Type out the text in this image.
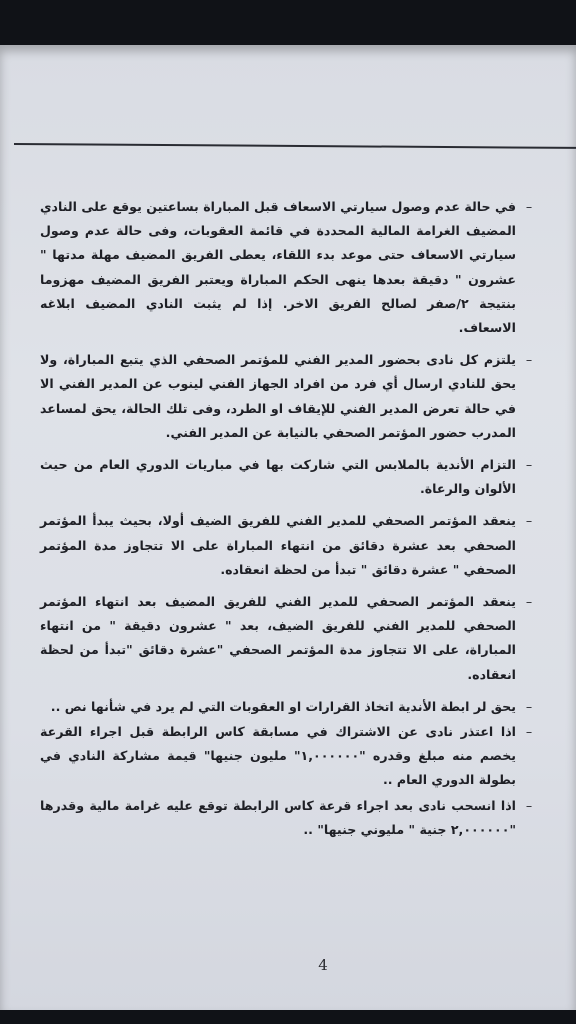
–
في حالة عدم وصول سيارتي الاسعاف قبل المباراة بساعتين يوقع على النادي المضيف الغرامة المالية المحددة في قائمة العقوبات، وفى حالة عدم وصول سيارتي الاسعاف حتى موعد بدء اللقاء، يعطى الفريق المضيف مهلة مدتها " عشرون " دقيقة بعدها ينهى الحكم المباراة ويعتبر الفريق المضيف مهزوما بنتيجة ٢/صفر لصالح الفريق الاخر. إذا لم يثبت النادي المضيف ابلاغه الاسعاف.
–
يلتزم كل نادى بحضور المدير الفني للمؤتمر الصحفي الذي يتبع المباراة، ولا يحق للنادي ارسال أي فرد من افراد الجهاز الفني لينوب عن المدير الفني الا في حالة تعرض المدير الفني للإيقاف او الطرد، وفى تلك الحالة، يحق لمساعد المدرب حضور المؤتمر الصحفي بالنيابة عن المدير الفني.
–
التزام الأندية بالملابس التي شاركت بها في مباريات الدوري العام من حيث الألوان والرعاة.
–
ينعقد المؤتمر الصحفي للمدير الفني للفريق الضيف أولا، بحيث يبدأ المؤتمر الصحفي بعد عشرة دقائق من انتهاء المباراة على الا تتجاوز مدة المؤتمر الصحفي " عشرة دقائق " تبدأ من لحظة انعقاده.
–
ينعقد المؤتمر الصحفي للمدير الفني للفريق المضيف بعد انتهاء المؤتمر الصحفي للمدير الفني للفريق الضيف، بعد " عشرون دقيقة " من انتهاء المباراة، على الا تتجاوز مدة المؤتمر الصحفي "عشرة دقائق "تبدأ من لحظة انعقاده.
–
يحق لر ابطة الأندية اتخاذ القرارات او العقوبات التي لم يرد في شأنها نص ..
–
اذا اعتذر نادى عن الاشتراك في مسابقة كاس الرابطة قبل اجراء القرعة يخصم منه مبلغ وقدره "١,٠٠٠٠٠٠" مليون جنيها" قيمة مشاركة النادي في بطولة الدوري العام ..
–
اذا انسحب نادى بعد اجراء قرعة كاس الرابطة توقع عليه غرامة مالية وقدرها "٢,٠٠٠٠٠٠ جنية " مليوني جنيها" ..
4
